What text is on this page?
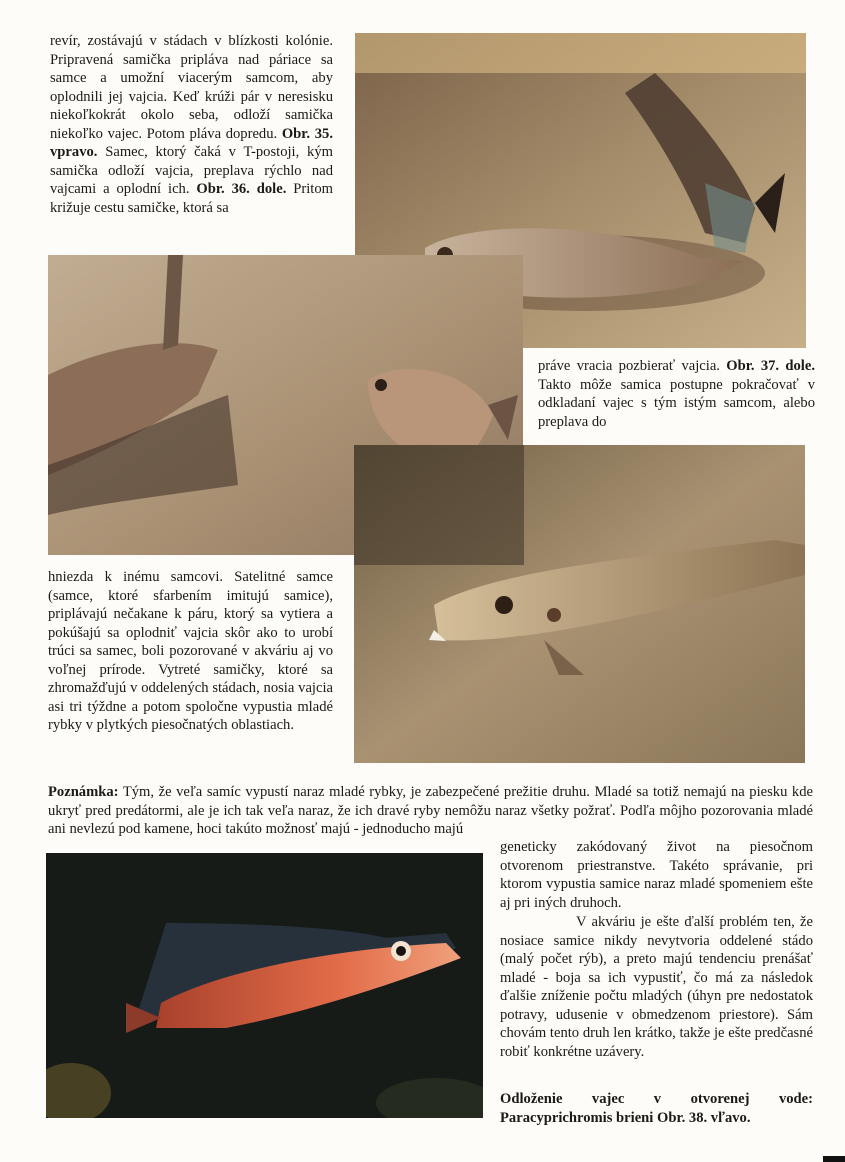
revír, zostávajú v stádach v blízkosti kolónie. Pripravená samička pripláva nad páriace sa samce a umožní viacerým samcom, aby oplodnili jej vajcia. Keď krúži pár v neresisku niekoľkokrát okolo seba, odloží samička niekoľko vajec. Potom pláva dopredu. Obr. 35. vpravo. Samec, ktorý čaká v T-postoji, kým samička odloží vajcia, preplava rýchlo nad vajcami a oplodní ich. Obr. 36. dole. Pritom križuje cestu samičke, ktorá sa

práve vracia pozbierať vajcia. Obr. 37. dole. Takto môže samica postupne pokračovať v odkladaní vajec s tým istým samcom, alebo preplava do

hniezda k inému samcovi. Satelitné samce (samce, ktoré sfarbením imitujú samice), priplávajú nečakane k páru, ktorý sa vytiera a pokúšajú sa oplodniť vajcia skôr ako to urobí trúci sa samec, boli pozorované v akváriu aj vo voľnej prírode. Vytreté samičky, ktoré sa zhromažďujú v oddelených stádach, nosia vajcia asi tri týždne a potom spoločne vypustia mladé rybky v plytkých piesočnatých oblastiach.

Poznámka: Tým, že veľa samíc vypustí naraz mladé rybky, je zabezpečené prežitie druhu. Mladé sa totiž nemajú na piesku kde ukryť pred predátormi, ale je ich tak veľa naraz, že ich dravé ryby nemôžu naraz všetky požrať. Podľa môjho pozorovania mladé ani nevlezú pod kamene, hoci takúto možnosť majú - jednoducho majú

geneticky zakódovaný život na piesočnom otvorenom priestranstve. Takéto správanie, pri ktorom vypustia samice naraz mladé spomeniem ešte aj pri iných druhoch.

V akváriu je ešte ďalší problém ten, že nosiace samice nikdy nevytvoria oddelené stádo (malý počet rýb), a preto majú tendenciu prenášať mladé - boja sa ich vypustiť, čo má za následok ďalšie zníženie počtu mladých (úhyn pre nedostatok potravy, udusenie v obmedzenom priestore). Sám chovám tento druh len krátko, takže je ešte predčasné robiť konkrétne uzávery.

Odloženie vajec v otvorenej vode: Paracyprichromis brieni Obr. 38. vľavo.
